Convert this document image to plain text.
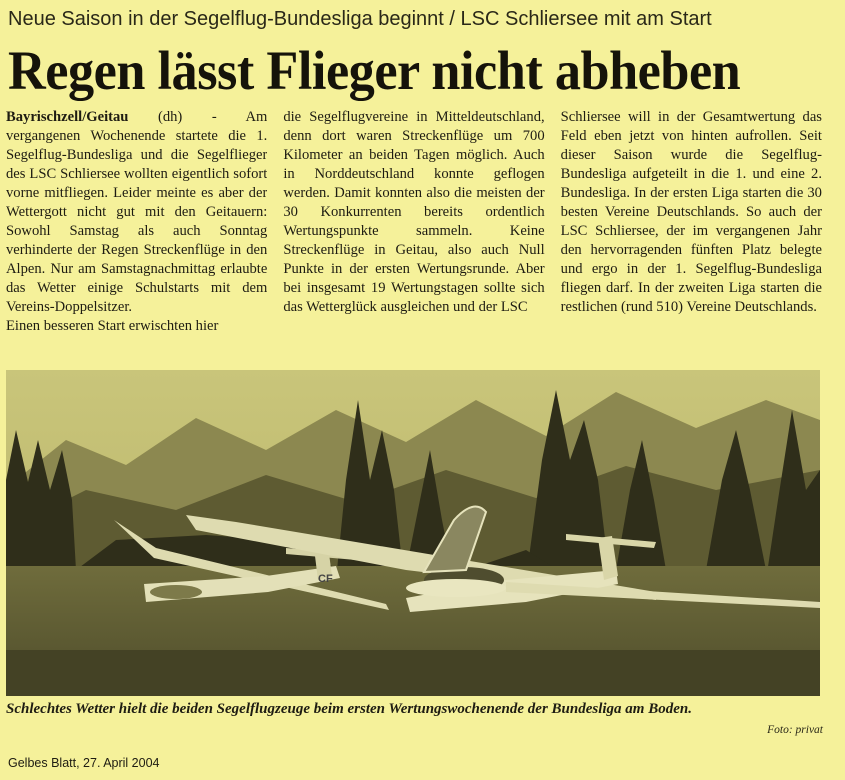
Neue Saison in der Segelflug-Bundesliga beginnt / LSC Schliersee mit am Start
Regen lässt Flieger nicht abheben

Bayrischzell/Geitau (dh) - Am vergangenen Wochenende startete die 1. Segelflug-Bundesliga und die Segelflieger des LSC Schliersee wollten eigentlich sofort vorne mitfliegen. Leider meinte es aber der Wettergott nicht gut mit den Geitauern: Sowohl Samstag als auch Sonntag verhinderte der Regen Streckenflüge in den Alpen. Nur am Samstagnachmittag erlaubte das Wetter einige Schulstarts mit dem Vereins-Doppelsitzer.

Einen besseren Start erwischten hier

die Segelflugvereine in Mitteldeutschland, denn dort waren Streckenflüge um 700 Kilometer an beiden Tagen möglich. Auch in Norddeutschland konnte geflogen werden. Damit konnten also die meisten der 30 Konkurrenten bereits ordentlich Wertungspunkte sammeln. Keine Streckenflüge in Geitau, also auch Null Punkte in der ersten Wertungsrunde. Aber bei insgesamt 19 Wertungstagen sollte sich das Wetterglück ausgleichen und der LSC

Schliersee will in der Gesamtwertung das Feld eben jetzt von hinten aufrollen. Seit dieser Saison wurde die Segelflug-Bundesliga aufgeteilt in die 1. und eine 2. Bundesliga. In der ersten Liga starten die 30 besten Vereine Deutschlands. So auch der LSC Schliersee, der im vergangenen Jahr den hervorragenden fünften Platz belegte und ergo in der 1. Segelflug-Bundesliga fliegen darf. In der zweiten Liga starten die restlichen (rund 510) Vereine Deutschlands.

CF
Schlechtes Wetter hielt die beiden Segelflugzeuge beim ersten Wertungswochenende der Bundesliga am Boden.
Foto: privat
Gelbes Blatt, 27. April 2004
